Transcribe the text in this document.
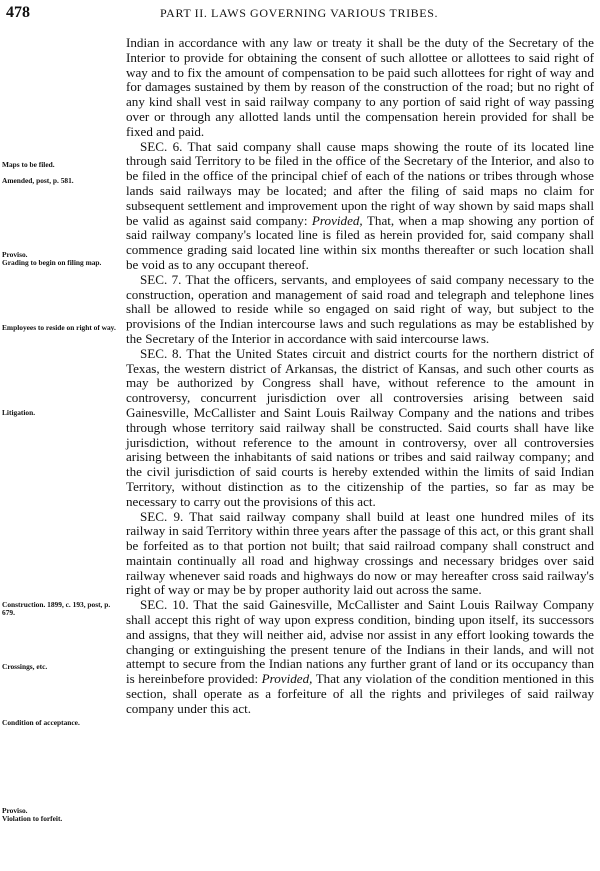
478	PART II. LAWS GOVERNING VARIOUS TRIBES.
Maps to be filed.
Amended, post, p. 581.
Proviso.
Grading to begin on filing map.
Employees to reside on right of way.
Litigation.
Construction. 1899, c. 193, post, p. 679.
Crossings, etc.
Condition of acceptance.
Proviso.
Violation to forfeit.

Indian in accordance with any law or treaty it shall be the duty of the Secretary of the Interior to provide for obtaining the consent of such allottee or allottees to said right of way and to fix the amount of compensation to be paid such allottees for right of way and for damages sustained by them by reason of the construction of the road; but no right of any kind shall vest in said railway company to any portion of said right of way passing over or through any allotted lands until the compensation herein provided for shall be fixed and paid.

SEC. 6. That said company shall cause maps showing the route of its located line through said Territory to be filed in the office of the Secretary of the Interior, and also to be filed in the office of the principal chief of each of the nations or tribes through whose lands said railways may be located; and after the filing of said maps no claim for subsequent settlement and improvement upon the right of way shown by said maps shall be valid as against said company: Provided, That, when a map showing any portion of said railway company's located line is filed as herein provided for, said company shall commence grading said located line within six months thereafter or such location shall be void as to any occupant thereof.

SEC. 7. That the officers, servants, and employees of said company necessary to the construction, operation and management of said road and telegraph and telephone lines shall be allowed to reside while so engaged on said right of way, but subject to the provisions of the Indian intercourse laws and such regulations as may be established by the Secretary of the Interior in accordance with said intercourse laws.

SEC. 8. That the United States circuit and district courts for the northern district of Texas, the western district of Arkansas, the district of Kansas, and such other courts as may be authorized by Congress shall have, without reference to the amount in controversy, concurrent jurisdiction over all controversies arising between said Gainesville, McCallister and Saint Louis Railway Company and the nations and tribes through whose territory said railway shall be constructed. Said courts shall have like jurisdiction, without reference to the amount in controversy, over all controversies arising between the inhabitants of said nations or tribes and said railway company; and the civil jurisdiction of said courts is hereby extended within the limits of said Indian Territory, without distinction as to the citizenship of the parties, so far as may be necessary to carry out the provisions of this act.

SEC. 9. That said railway company shall build at least one hundred miles of its railway in said Territory within three years after the passage of this act, or this grant shall be forfeited as to that portion not built; that said railroad company shall construct and maintain continually all road and highway crossings and necessary bridges over said railway whenever said roads and highways do now or may hereafter cross said railway's right of way or may be by proper authority laid out across the same.

SEC. 10. That the said Gainesville, McCallister and Saint Louis Railway Company shall accept this right of way upon express condition, binding upon itself, its successors and assigns, that they will neither aid, advise nor assist in any effort looking towards the changing or extinguishing the present tenure of the Indians in their lands, and will not attempt to secure from the Indian nations any further grant of land or its occupancy than is hereinbefore provided: Provided, That any violation of the condition mentioned in this section, shall operate as a forfeiture of all the rights and privileges of said railway company under this act.
